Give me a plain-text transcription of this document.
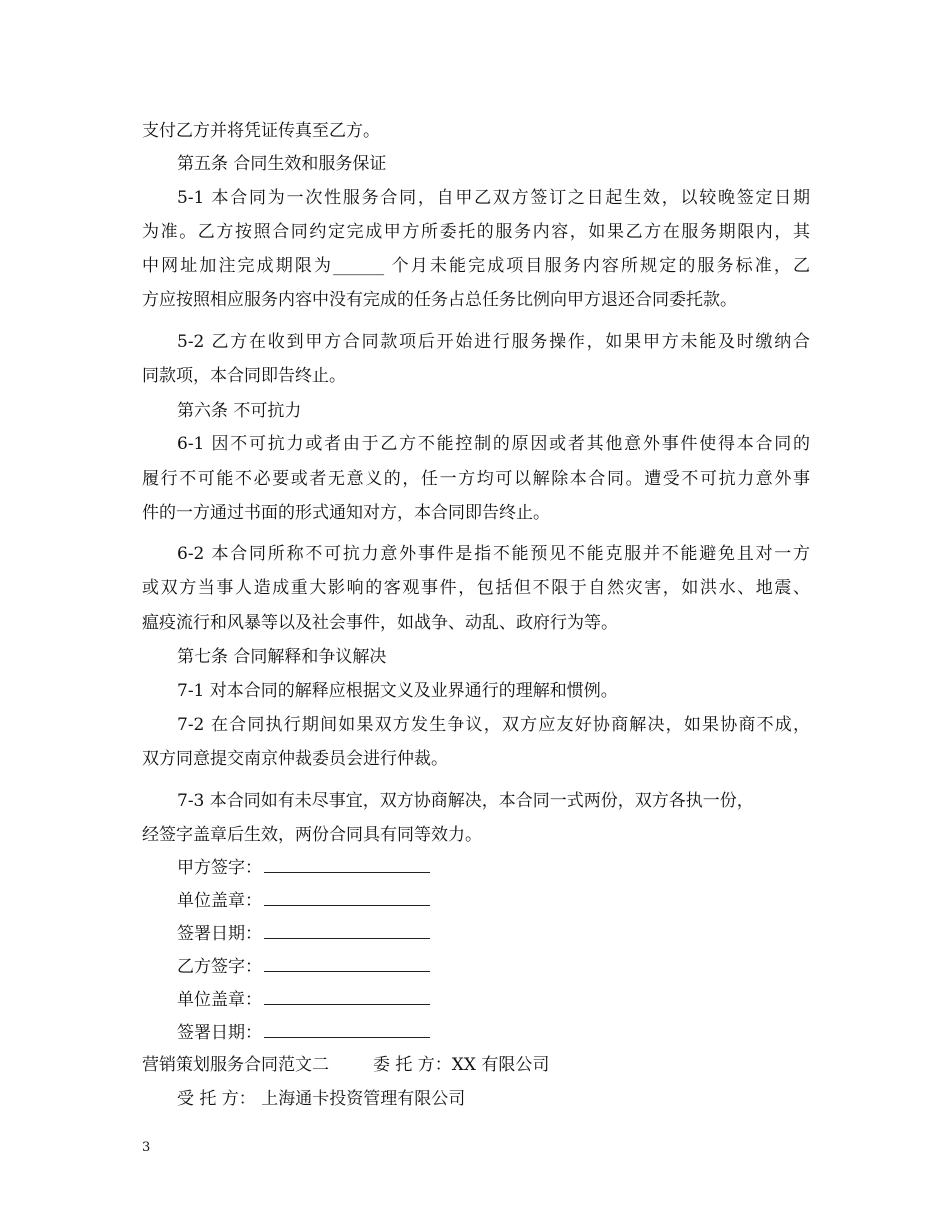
支付乙方并将凭证传真至乙方。

第五条 合同生效和服务保证

5-1 本合同为一次性服务合同，自甲乙双方签订之日起生效，以较晚签定日期

为准。乙方按照合同约定完成甲方所委托的服务内容，如果乙方在服务期限内，其

中网址加注完成期限为______ 个月未能完成项目服务内容所规定的服务标准，乙

方应按照相应服务内容中没有完成的任务占总任务比例向甲方退还合同委托款。

5-2 乙方在收到甲方合同款项后开始进行服务操作，如果甲方未能及时缴纳合

同款项，本合同即告终止。

第六条 不可抗力

6-1 因不可抗力或者由于乙方不能控制的原因或者其他意外事件使得本合同的

履行不可能不必要或者无意义的，任一方均可以解除本合同。遭受不可抗力意外事

件的一方通过书面的形式通知对方，本合同即告终止。

6-2 本合同所称不可抗力意外事件是指不能预见不能克服并不能避免且对一方

或双方当事人造成重大影响的客观事件，包括但不限于自然灾害，如洪水、地震、

瘟疫流行和风暴等以及社会事件，如战争、动乱、政府行为等。

第七条 合同解释和争议解决

7-1 对本合同的解释应根据文义及业界通行的理解和惯例。

7-2 在合同执行期间如果双方发生争议，双方应友好协商解决，如果协商不成，

双方同意提交南京仲裁委员会进行仲裁。

7-3 本合同如有未尽事宜，双方协商解决，本合同一式两份，双方各执一份，

经签字盖章后生效，两份合同具有同等效力。

甲方签字：
单位盖章：
签署日期：
乙方签字：
单位盖章：
签署日期：

营销策划服务合同范文二	委 托 方：XX 有限公司

受 托 方： 上海通卡投资管理有限公司

3
